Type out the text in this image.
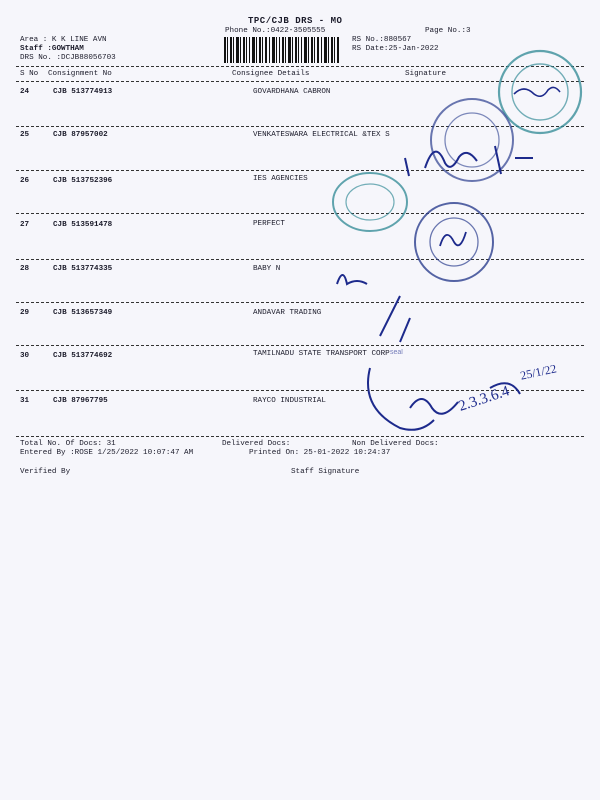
TPC/CJB DRS - MO
Phone No.:0422-3505555	Page No.:3
Area : K K LINE AVN
Staff :GOWTHAM
DRS No. :DCJB88056703
RS No.:880567
RS Date:25-Jan-2022
S No Consignment No	Consignee Details	Signature
24	CJB 513774913	GOVARDHANA CABRON
25	CJB 87957002	VENKATESWARA ELECTRICAL &TEX S
26	CJB 513752396	IES AGENCIES
27	CJB 513591478	PERFECT
28	CJB 513774335	BABY N
29	CJB 513657349	ANDAVAR TRADING
30	CJB 513774692	TAMILNADU STATE TRANSPORT CORP
31	CJB 87967795	RAYCO INDUSTRIAL
Total No. Of Docs: 31	Delivered Docs:	Non Delivered Docs:
Entered By :ROSE 1/25/2022 10:07:47 AM	Printed On: 25-01-2022 10:24:37
Verified By	Staff Signature
seal
2.3.3.6.4
25/1/22
